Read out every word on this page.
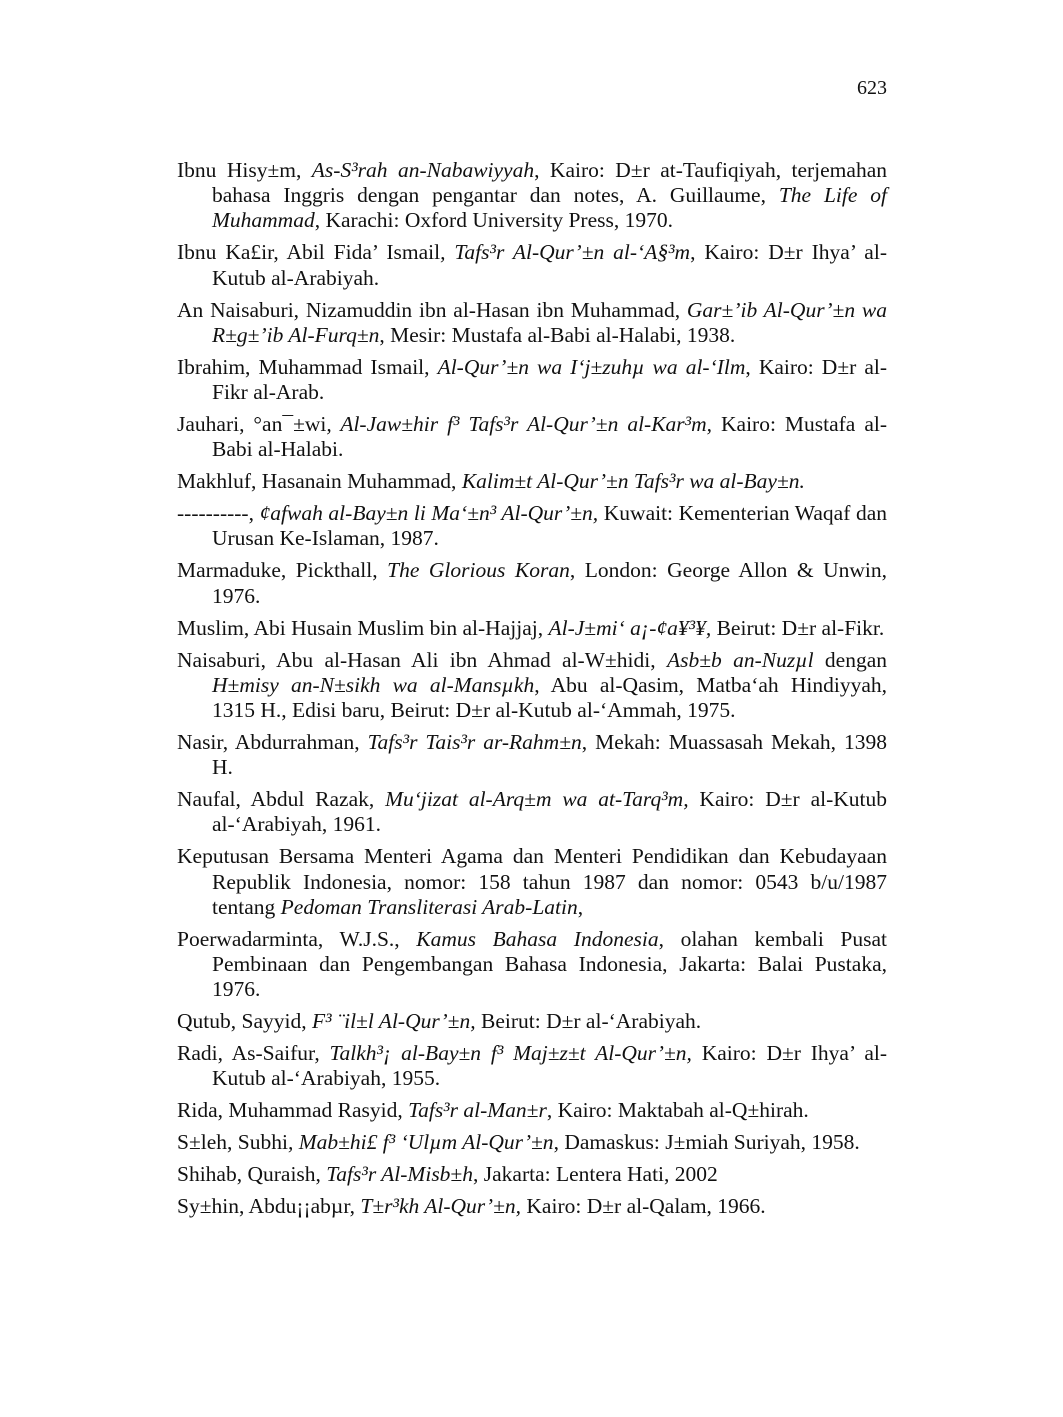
623

Ibnu Hisy±m, As-S³rah an-Nabawiyyah, Kairo: D±r at-Taufiqiyah, terjemahan bahasa Inggris dengan pengantar dan notes, A. Guillaume, The Life of Muhammad, Karachi: Oxford University Press, 1970.

Ibnu Ka£ir, Abil Fida’ Ismail, Tafs³r Al-Qur’±n al-‘A§³m, Kairo: D±r Ihya’ al-Kutub al-Arabiyah.

An Naisaburi, Nizamuddin ibn al-Hasan ibn Muhammad, Gar±’ib Al-Qur’±n wa R±g±’ib Al-Furq±n, Mesir: Mustafa al-Babi al-Halabi, 1938.

Ibrahim, Muhammad Ismail, Al-Qur’±n wa I‘j±zuhµ wa al-‘Ilm, Kairo: D±r al-Fikr al-Arab.

Jauhari, °an¯±wi, Al-Jaw±hir f³ Tafs³r Al-Qur’±n al-Kar³m, Kairo: Mustafa al-Babi al-Halabi.

Makhluf, Hasanain Muhammad, Kalim±t Al-Qur’±n Tafs³r wa al-Bay±n.

----------, ¢afwah al-Bay±n li Ma‘±n³ Al-Qur’±n, Kuwait: Kementerian Waqaf dan Urusan Ke-Islaman, 1987.

Marmaduke, Pickthall, The Glorious Koran, London: George Allon & Unwin, 1976.

Muslim, Abi Husain Muslim bin al-Hajjaj, Al-J±mi‘ a¡-¢a¥³¥, Beirut: D±r al-Fikr.

Naisaburi, Abu al-Hasan Ali ibn Ahmad al-W±hidi, Asb±b an-Nuzµl dengan H±misy an-N±sikh wa al-Mansµkh, Abu al-Qasim, Matba‘ah Hindiyyah, 1315 H., Edisi baru, Beirut: D±r al-Kutub al-‘Ammah, 1975.

Nasir, Abdurrahman, Tafs³r Tais³r ar-Rahm±n, Mekah: Muassasah Mekah, 1398 H.

Naufal, Abdul Razak, Mu‘jizat al-Arq±m wa at-Tarq³m, Kairo: D±r al-Kutub al-‘Arabiyah, 1961.

Keputusan Bersama Menteri Agama dan Menteri Pendidikan dan Kebudayaan Republik Indonesia, nomor: 158 tahun 1987 dan nomor: 0543 b/u/1987 tentang Pedoman Transliterasi Arab-Latin,

Poerwadarminta, W.J.S., Kamus Bahasa Indonesia, olahan kembali Pusat Pembinaan dan Pengembangan Bahasa Indonesia, Jakarta: Balai Pustaka, 1976.

Qutub, Sayyid, F³ ¨il±l Al-Qur’±n, Beirut: D±r al-‘Arabiyah.

Radi, As-Saifur, Talkh³¡ al-Bay±n f³ Maj±z±t Al-Qur’±n, Kairo: D±r Ihya’ al-Kutub al-‘Arabiyah, 1955.

Rida, Muhammad Rasyid, Tafs³r al-Man±r, Kairo: Maktabah al-Q±hirah.

S±leh, Subhi, Mab±hi£ f³ ‘Ulµm Al-Qur’±n, Damaskus: J±miah Suriyah, 1958.

Shihab, Quraish, Tafs³r Al-Misb±h, Jakarta: Lentera Hati, 2002

Sy±hin, Abdu¡¡abµr, T±r³kh Al-Qur’±n, Kairo: D±r al-Qalam, 1966.
